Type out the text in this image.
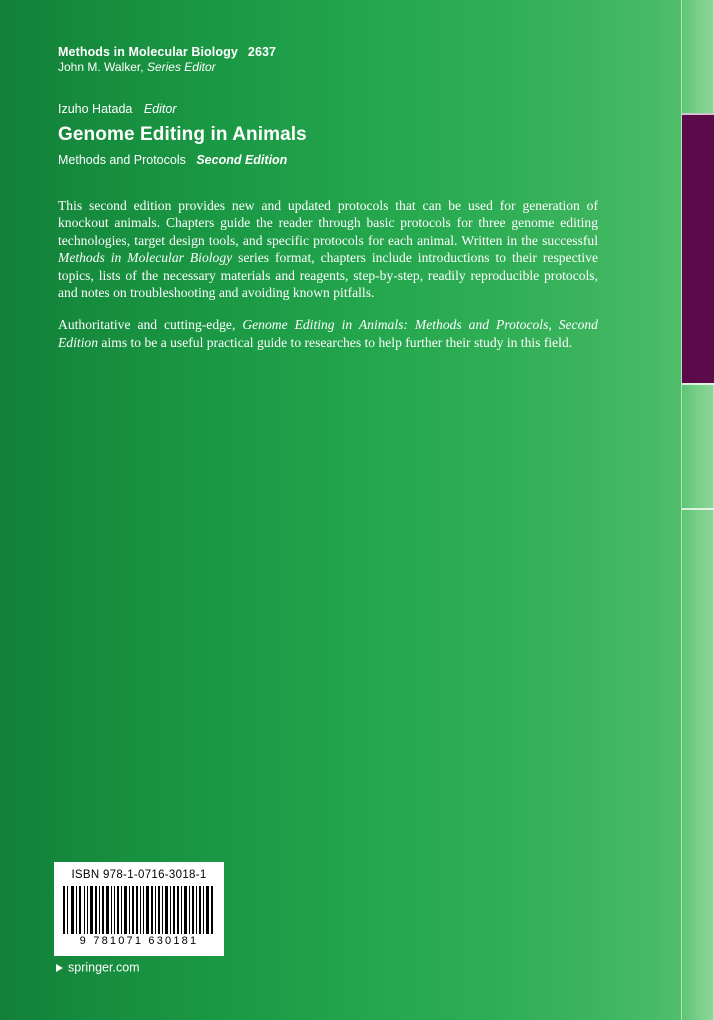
Methods in Molecular Biology 2637

John M. Walker, Series Editor

Izuho Hatada Editor

Genome Editing in Animals

Methods and Protocols Second Edition

This second edition provides new and updated protocols that can be used for generation of knockout animals. Chapters guide the reader through basic protocols for three genome editing technologies, target design tools, and specific protocols for each animal. Written in the successful Methods in Molecular Biology series format, chapters include introductions to their respective topics, lists of the necessary materials and reagents, step-by-step, readily reproducible protocols, and notes on troubleshooting and avoiding known pitfalls.

Authoritative and cutting-edge, Genome Editing in Animals: Methods and Protocols, Second Edition aims to be a useful practical guide to researches to help further their study in this field.

ISBN 978-1-0716-3018-1
9 781071 630181
springer.com
